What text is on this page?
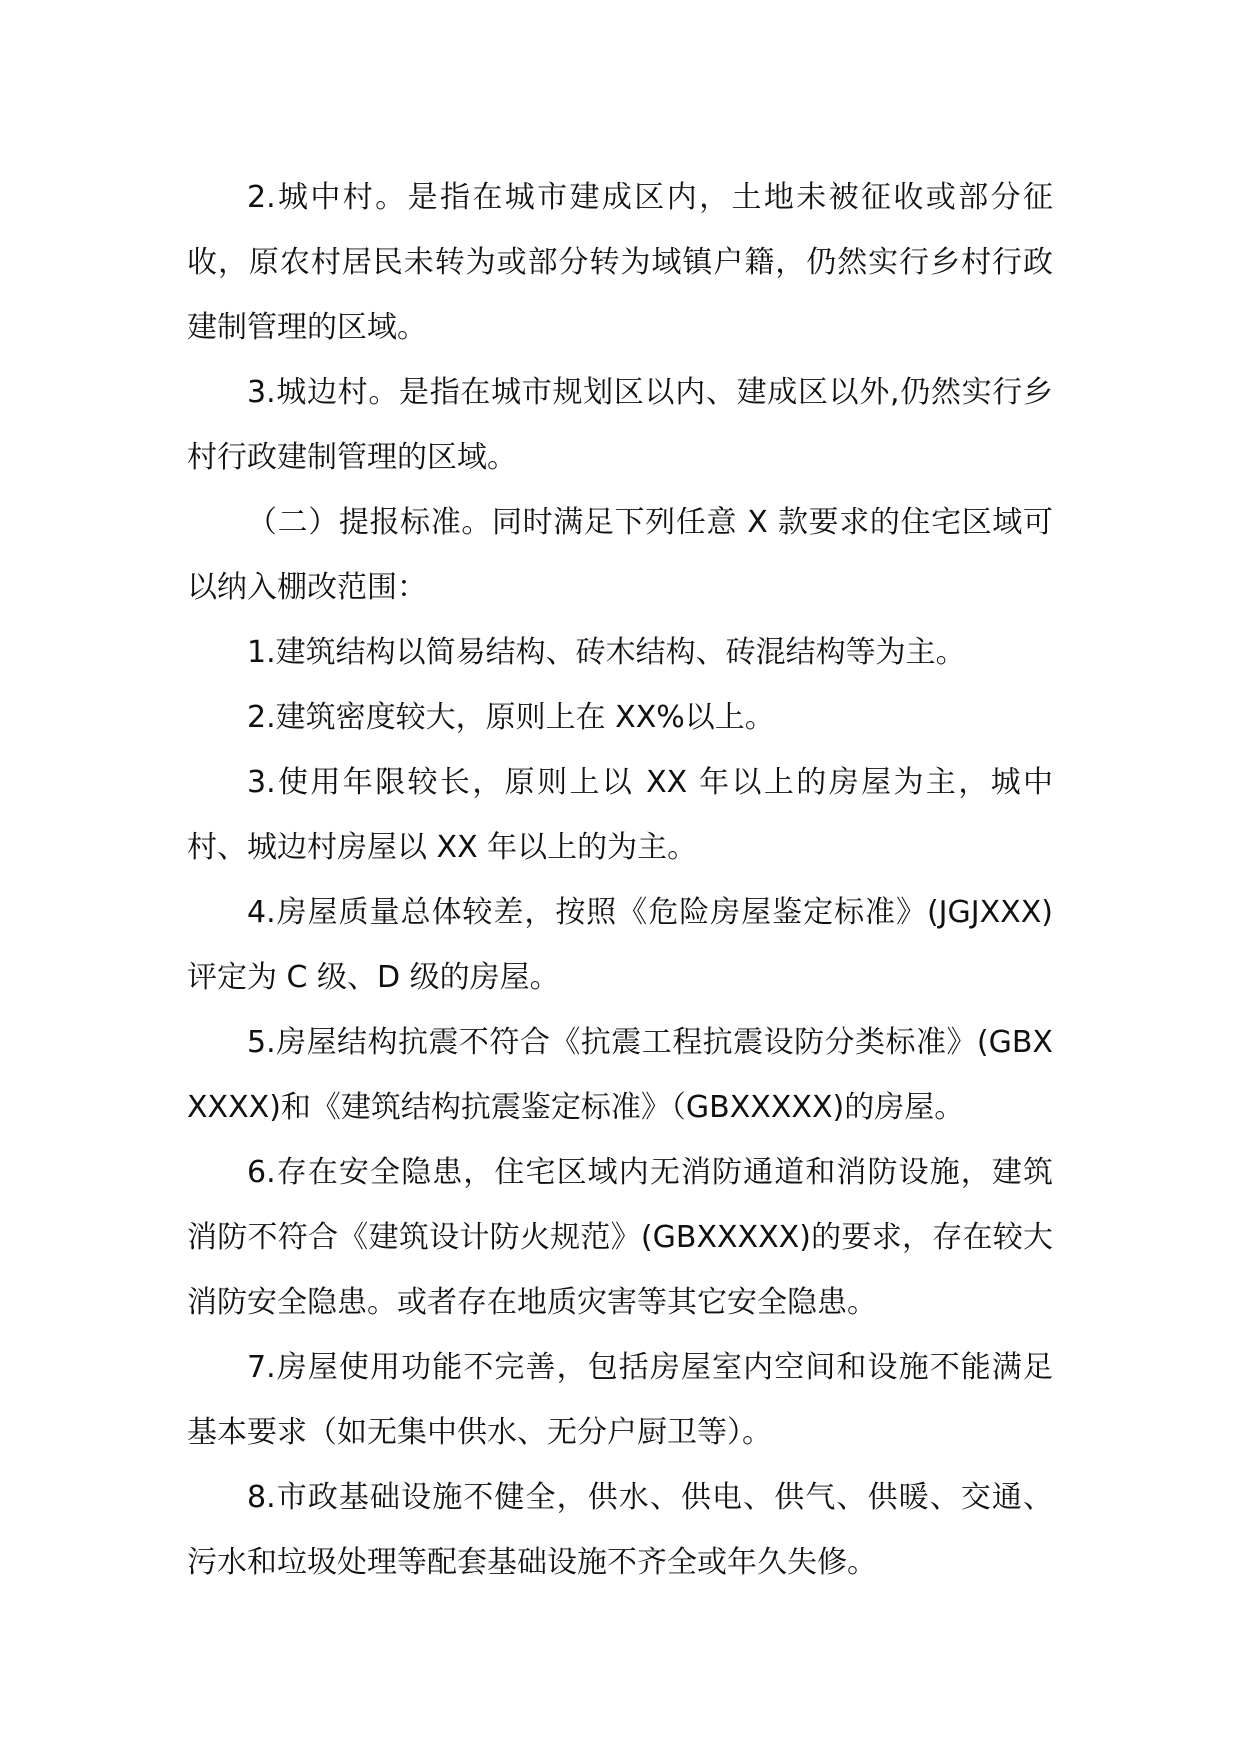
2.城中村。是指在城市建成区内，土地未被征收或部分征收，原农村居民未转为或部分转为域镇户籍，仍然实行乡村行政建制管理的区域。

3.城边村。是指在城市规划区以内、建成区以外,仍然实行乡村行政建制管理的区域。

（二）提报标准。同时满足下列任意 X 款要求的住宅区域可以纳入棚改范围：

1.建筑结构以简易结构、砖木结构、砖混结构等为主。

2.建筑密度较大，原则上在 XX%以上。

3.使用年限较长，原则上以 XX 年以上的房屋为主，城中村、城边村房屋以 XX 年以上的为主。

4.房屋质量总体较差，按照《危险房屋鉴定标准》(JGJXXX)评定为 C 级、D 级的房屋。

5.房屋结构抗震不符合《抗震工程抗震设防分类标准》(GBXXXXX)和《建筑结构抗震鉴定标准》（GBXXXXX)的房屋。

6.存在安全隐患，住宅区域内无消防通道和消防设施，建筑消防不符合《建筑设计防火规范》(GBXXXXX)的要求，存在较大消防安全隐患。或者存在地质灾害等其它安全隐患。

7.房屋使用功能不完善，包括房屋室内空间和设施不能满足基本要求（如无集中供水、无分户厨卫等）。

8.市政基础设施不健全，供水、供电、供气、供暖、交通、污水和垃圾处理等配套基础设施不齐全或年久失修。
